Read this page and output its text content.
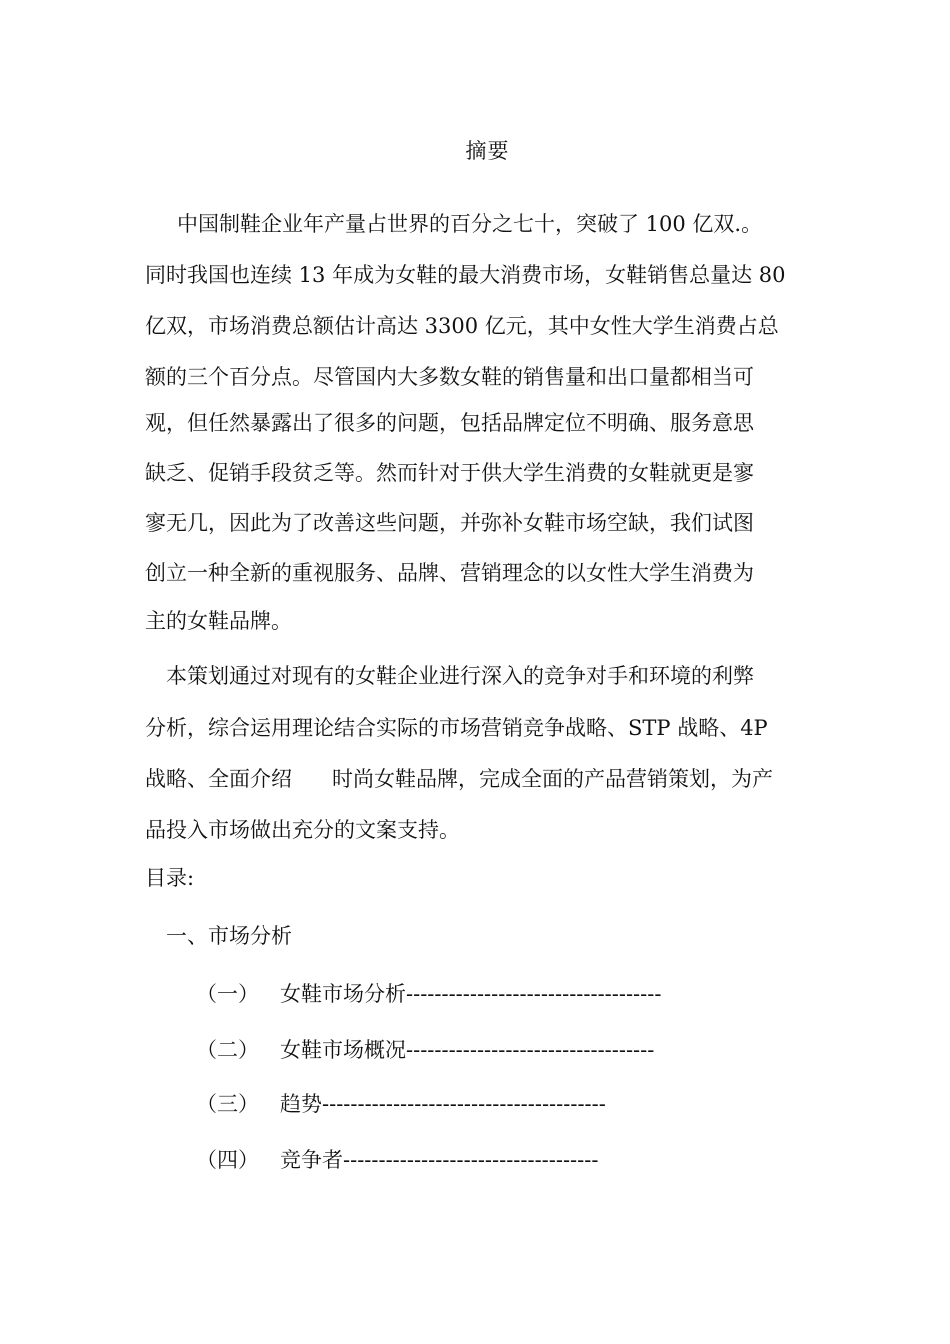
摘要
中国制鞋企业年产量占世界的百分之七十，突破了 100 亿双.。
同时我国也连续 13 年成为女鞋的最大消费市场，女鞋销售总量达 80
亿双，市场消费总额估计高达 3300 亿元，其中女性大学生消费占总
额的三个百分点。尽管国内大多数女鞋的销售量和出口量都相当可
观，但任然暴露出了很多的问题，包括品牌定位不明确、服务意思
缺乏、促销手段贫乏等。然而针对于供大学生消费的女鞋就更是寥
寥无几，因此为了改善这些问题，并弥补女鞋市场空缺，我们试图
创立一种全新的重视服务、品牌、营销理念的以女性大学生消费为
主的女鞋品牌。
本策划通过对现有的女鞋企业进行深入的竞争对手和环境的利弊
分析，综合运用理论结合实际的市场营销竞争战略、STP 战略、4P
战略、全面介绍      时尚女鞋品牌，完成全面的产品营销策划，为产
品投入市场做出充分的文案支持。
目录:
一、市场分析
（一） 女鞋市场分析------------------------------------
（二） 女鞋市场概况-----------------------------------
（三） 趋势----------------------------------------
（四） 竞争者------------------------------------
